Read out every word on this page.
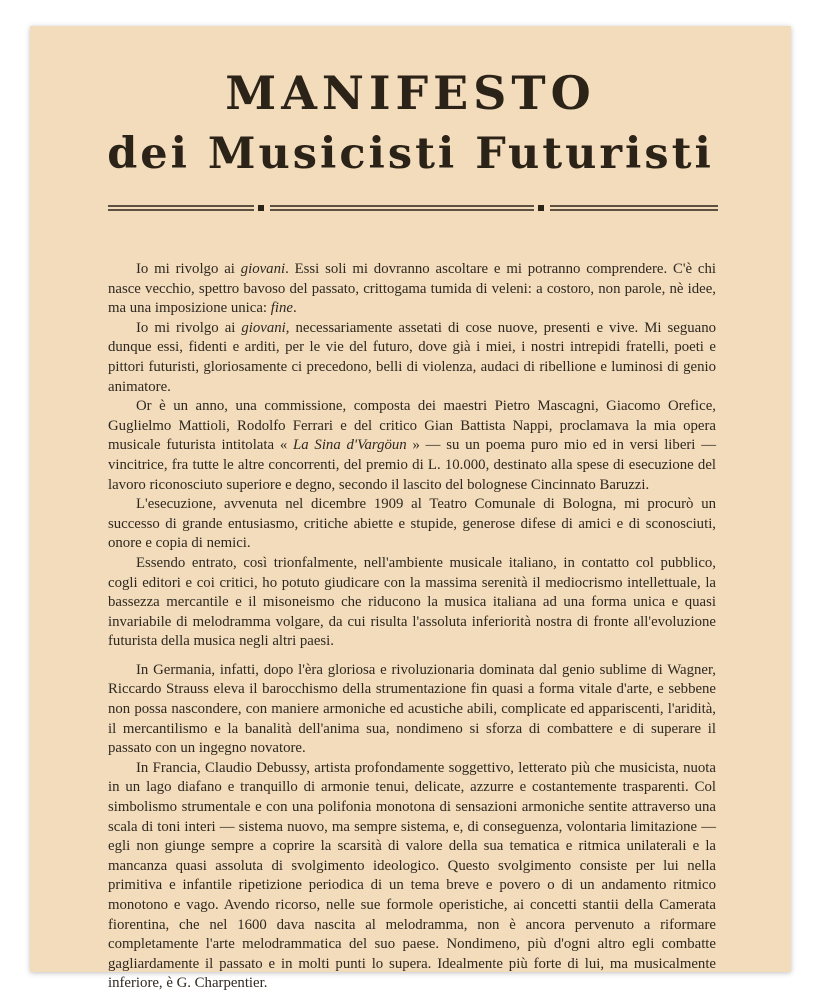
MANIFESTO
dei Musicisti Futuristi

Io mi rivolgo ai giovani. Essi soli mi dovranno ascoltare e mi potranno comprendere. C'è chi nasce vecchio, spettro bavoso del passato, crittogama tumida di veleni: a costoro, non parole, nè idee, ma una imposizione unica: fine.

Io mi rivolgo ai giovani, necessariamente assetati di cose nuove, presenti e vive. Mi seguano dunque essi, fidenti e arditi, per le vie del futuro, dove già i miei, i nostri intrepidi fratelli, poeti e pittori futuristi, gloriosamente ci precedono, belli di violenza, audaci di ribellione e luminosi di genio animatore.

Or è un anno, una commissione, composta dei maestri Pietro Mascagni, Giacomo Orefice, Guglielmo Mattioli, Rodolfo Ferrari e del critico Gian Battista Nappi, proclamava la mia opera musicale futurista intitolata « La Sina d'Vargöun » — su un poema puro mio ed in versi liberi — vincitrice, fra tutte le altre concorrenti, del premio di L. 10.000, destinato alla spese di esecuzione del lavoro riconosciuto superiore e degno, secondo il lascito del bolognese Cincinnato Baruzzi.

L'esecuzione, avvenuta nel dicembre 1909 al Teatro Comunale di Bologna, mi procurò un successo di grande entusiasmo, critiche abiette e stupide, generose difese di amici e di sconosciuti, onore e copia di nemici.

Essendo entrato, così trionfalmente, nell'ambiente musicale italiano, in contatto col pubblico, cogli editori e coi critici, ho potuto giudicare con la massima serenità il mediocrismo intellettuale, la bassezza mercantile e il misoneismo che riducono la musica italiana ad una forma unica e quasi invariabile di melodramma volgare, da cui risulta l'assoluta inferiorità nostra di fronte all'evoluzione futurista della musica negli altri paesi.

In Germania, infatti, dopo l'èra gloriosa e rivoluzionaria dominata dal genio sublime di Wagner, Riccardo Strauss eleva il barocchismo della strumentazione fin quasi a forma vitale d'arte, e sebbene non possa nascondere, con maniere armoniche ed acustiche abili, complicate ed appariscenti, l'aridità, il mercantilismo e la banalità dell'anima sua, nondimeno si sforza di combattere e di superare il passato con un ingegno novatore.

In Francia, Claudio Debussy, artista profondamente soggettivo, letterato più che musicista, nuota in un lago diafano e tranquillo di armonie tenui, delicate, azzurre e costantemente trasparenti. Col simbolismo strumentale e con una polifonia monotona di sensazioni armoniche sentite attraverso una scala di toni interi — sistema nuovo, ma sempre sistema, e, di conseguenza, volontaria limitazione — egli non giunge sempre a coprire la scarsità di valore della sua tematica e ritmica unilaterali e la mancanza quasi assoluta di svolgimento ideologico. Questo svolgimento consiste per lui nella primitiva e infantile ripetizione periodica di un tema breve e povero o di un andamento ritmico monotono e vago. Avendo ricorso, nelle sue formole operistiche, ai concetti stantii della Camerata fiorentina, che nel 1600 dava nascita al melodramma, non è ancora pervenuto a riformare completamente l'arte melodrammatica del suo paese. Nondimeno, più d'ogni altro egli combatte gagliardamente il passato e in molti punti lo supera. Idealmente più forte di lui, ma musicalmente inferiore, è G. Charpentier.
